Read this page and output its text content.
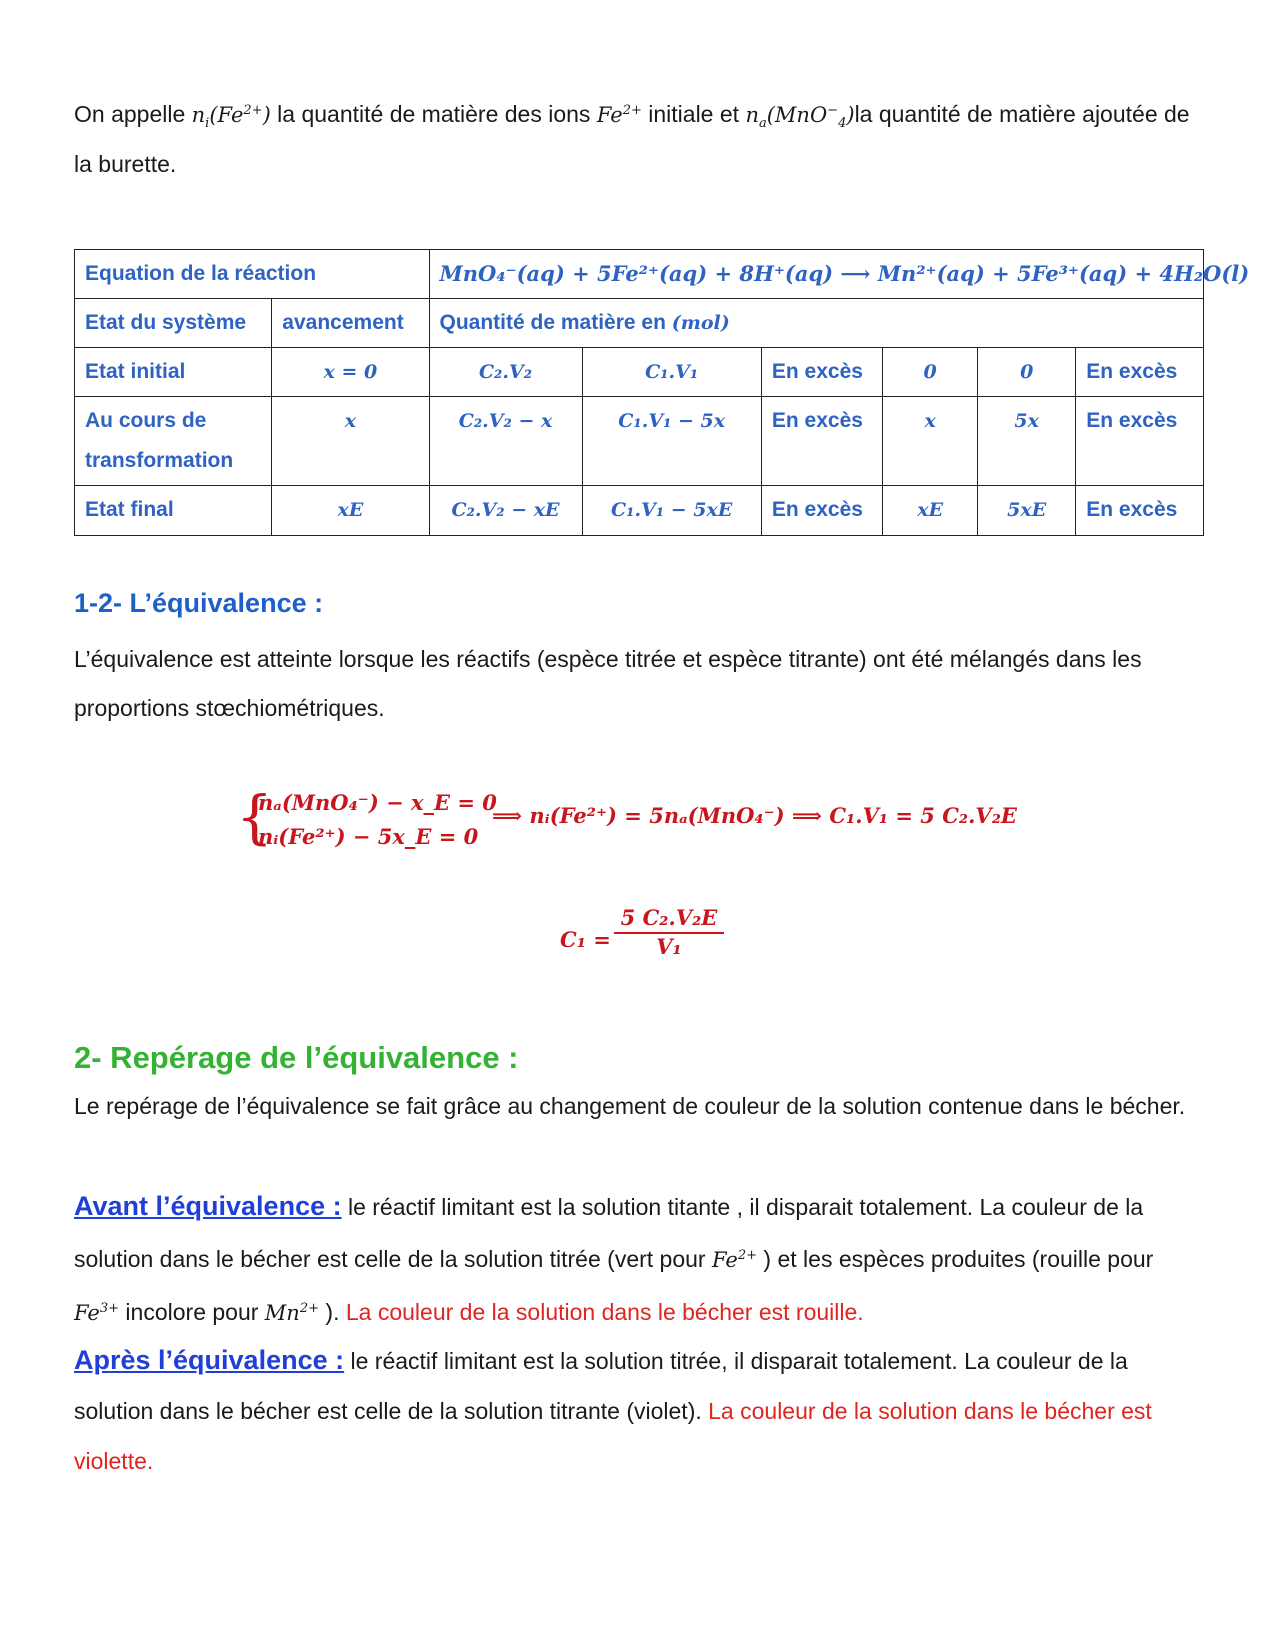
On appelle $n_i(Fe^{2+})$ la quantité de matière des ions $Fe^{2+}$ initiale et $n_a(MnO^-_4)la$ quantité de matière ajoutée de la burette.
Equation de la réaction		MnO₄⁻(aq) + 5Fe²⁺(aq) + 8H⁺(aq) ⟶ Mn²⁺(aq) + 5Fe³⁺(aq) + 4H₂O(l)					
Etat du système	avancement	Quantité de matière en (mol)					
Etat initial	x = 0	C₂.V₂	C₁.V₁	En excès	0	0	En excès
Au cours de transformation	x	C₂.V₂ − x	C₁.V₁ − 5x	En excès	x	5x	En excès
Etat final	xE	C₂.V₂ − xE	C₁.V₁ − 5xE	En excès	xE	5xE	En excès
1-2- L’équivalence :
L’équivalence est atteinte lorsque les réactifs (espèce titrée et espèce titrante) ont été mélangés dans les proportions stœchiométriques.
{
nₐ(MnO₄⁻) − x_E = 0
nᵢ(Fe²⁺) − 5x_E = 0
⟹ nᵢ(Fe²⁺) = 5nₐ(MnO₄⁻) ⟹ C₁.V₁ = 5 C₂.V₂E
C₁ =
5 C₂.V₂E
V₁
2- Repérage de l’équivalence :
Le repérage de l’équivalence se fait grâce au changement de couleur de la solution contenue dans le bécher.
Avant l’équivalence : le réactif limitant est la solution titante , il disparait totalement. La couleur de la solution dans le bécher est celle de la solution titrée (vert pour $Fe^{2+}$ ) et les espèces produites (rouille pour $Fe^{3+}$ incolore pour $Mn^{2+}$ ). La couleur de la solution dans le bécher est rouille.
Après l’équivalence : le réactif limitant est la solution titrée, il disparait totalement. La couleur de la solution dans le bécher est celle de la solution titrante (violet). La couleur de la solution dans le bécher est violette.
